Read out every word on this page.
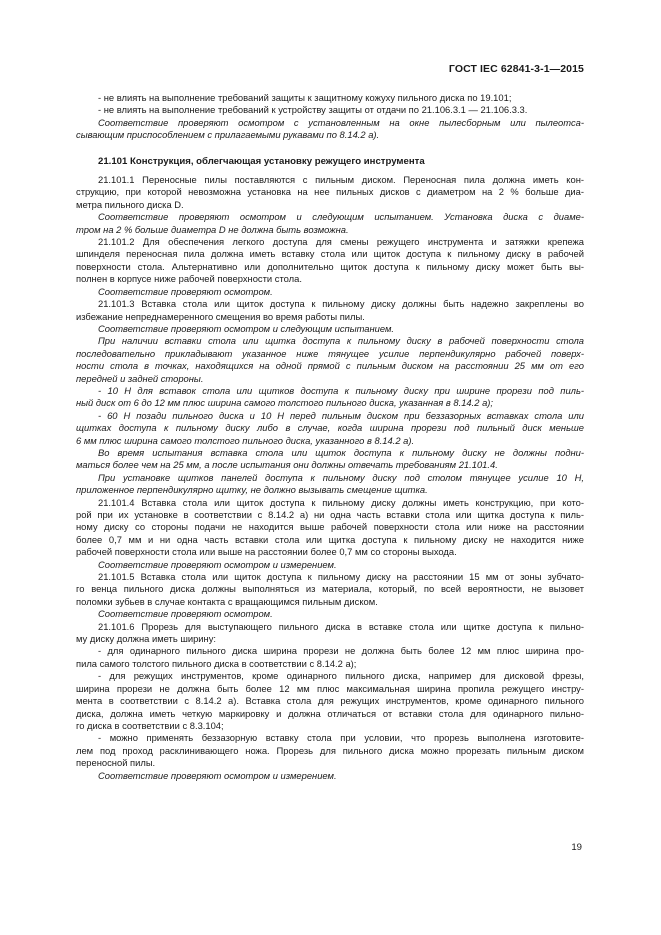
ГОСТ IEC 62841-3-1—2015
- не влиять на выполнение требований защиты к защитному кожуху пильного диска по 19.101;
- не влиять на выполнение требований к устройству защиты от отдачи по 21.106.3.1 — 21.106.3.3.
Соответствие проверяют осмотром с установленным на окне пылесборным или пылеотса-
сывающим приспособлением с прилагаемыми рукавами по 8.14.2 а).
21.101 Конструкция, облегчающая установку режущего инструмента
21.101.1 Переносные пилы поставляются с пильным диском. Переносная пила должна иметь кон-
струкцию, при которой невозможна установка на нее пильных дисков с диаметром на 2 % больше диа-
метра пильного диска D.
Соответствие проверяют осмотром и следующим испытанием. Установка диска с диаме-
тром на 2 % больше диаметра D не должна быть возможна.
21.101.2 Для обеспечения легкого доступа для смены режущего инструмента и затяжки крепежа
шпинделя переносная пила должна иметь вставку стола или щиток доступа к пильному диску в рабочей
поверхности стола. Альтернативно или дополнительно щиток доступа к пильному диску может быть вы-
полнен в корпусе ниже рабочей поверхности стола.
Соответствие проверяют осмотром.
21.101.3 Вставка стола или щиток доступа к пильному диску должны быть надежно закреплены во
избежание непреднамеренного смещения во время работы пилы.
Соответствие проверяют осмотром и следующим испытанием.
При наличии вставки стола или щитка доступа к пильному диску в рабочей поверхности стола
последовательно прикладывают указанное ниже тянущее усилие перпендикулярно рабочей поверх-
ности стола в точках, находящихся на одной прямой с пильным диском на расстоянии 25 мм от его
передней и задней стороны.
- 10 Н для вставок стола или щитков доступа к пильному диску при ширине прорези под пиль-
ный диск от 6 до 12 мм плюс ширина самого толстого пильного диска, указанная в 8.14.2 а);
- 60 Н позади пильного диска и 10 Н перед пильным диском при беззазорных вставках стола или
щитках доступа к пильному диску либо в случае, когда ширина прорези под пильный диск меньше
6 мм плюс ширина самого толстого пильного диска, указанного в 8.14.2 а).
Во время испытания вставка стола или щиток доступа к пильному диску не должны подни-
маться более чем на 25 мм, а после испытания они должны отвечать требованиям 21.101.4.
При установке щитков панелей доступа к пильному диску под столом тянущее усилие 10 Н,
приложенное перпендикулярно щитку, не должно вызывать смещение щитка.
21.101.4 Вставка стола или щиток доступа к пильному диску должны иметь конструкцию, при кото-
рой при их установке в соответствии с 8.14.2 а) ни одна часть вставки стола или щитка доступа к пиль-
ному диску со стороны подачи не находится выше рабочей поверхности стола или ниже на расстоянии
более 0,7 мм и ни одна часть вставки стола или щитка доступа к пильному диску не находится ниже
рабочей поверхности стола или выше на расстоянии более 0,7 мм со стороны выхода.
Соответствие проверяют осмотром и измерением.
21.101.5 Вставка стола или щиток доступа к пильному диску на расстоянии 15 мм от зоны зубчато-
го венца пильного диска должны выполняться из материала, который, по всей вероятности, не вызовет
поломки зубьев в случае контакта с вращающимся пильным диском.
Соответствие проверяют осмотром.
21.101.6 Прорезь для выступающего пильного диска в вставке стола или щитке доступа к пильно-
му диску должна иметь ширину:
- для одинарного пильного диска ширина прорези не должна быть более 12 мм плюс ширина про-
пила самого толстого пильного диска в соответствии с 8.14.2 а);
- для режущих инструментов, кроме одинарного пильного диска, например для дисковой фрезы,
ширина прорези не должна быть более 12 мм плюс максимальная ширина пропила режущего инстру-
мента в соответствии с 8.14.2 а). Вставка стола для режущих инструментов, кроме одинарного пильного
диска, должна иметь четкую маркировку и должна отличаться от вставки стола для одинарного пильно-
го диска в соответствии с 8.3.104;
- можно применять беззазорную вставку стола при условии, что прорезь выполнена изготовите-
лем под проход расклинивающего ножа. Прорезь для пильного диска можно прорезать пильным диском
переносной пилы.
Соответствие проверяют осмотром и измерением.
19
